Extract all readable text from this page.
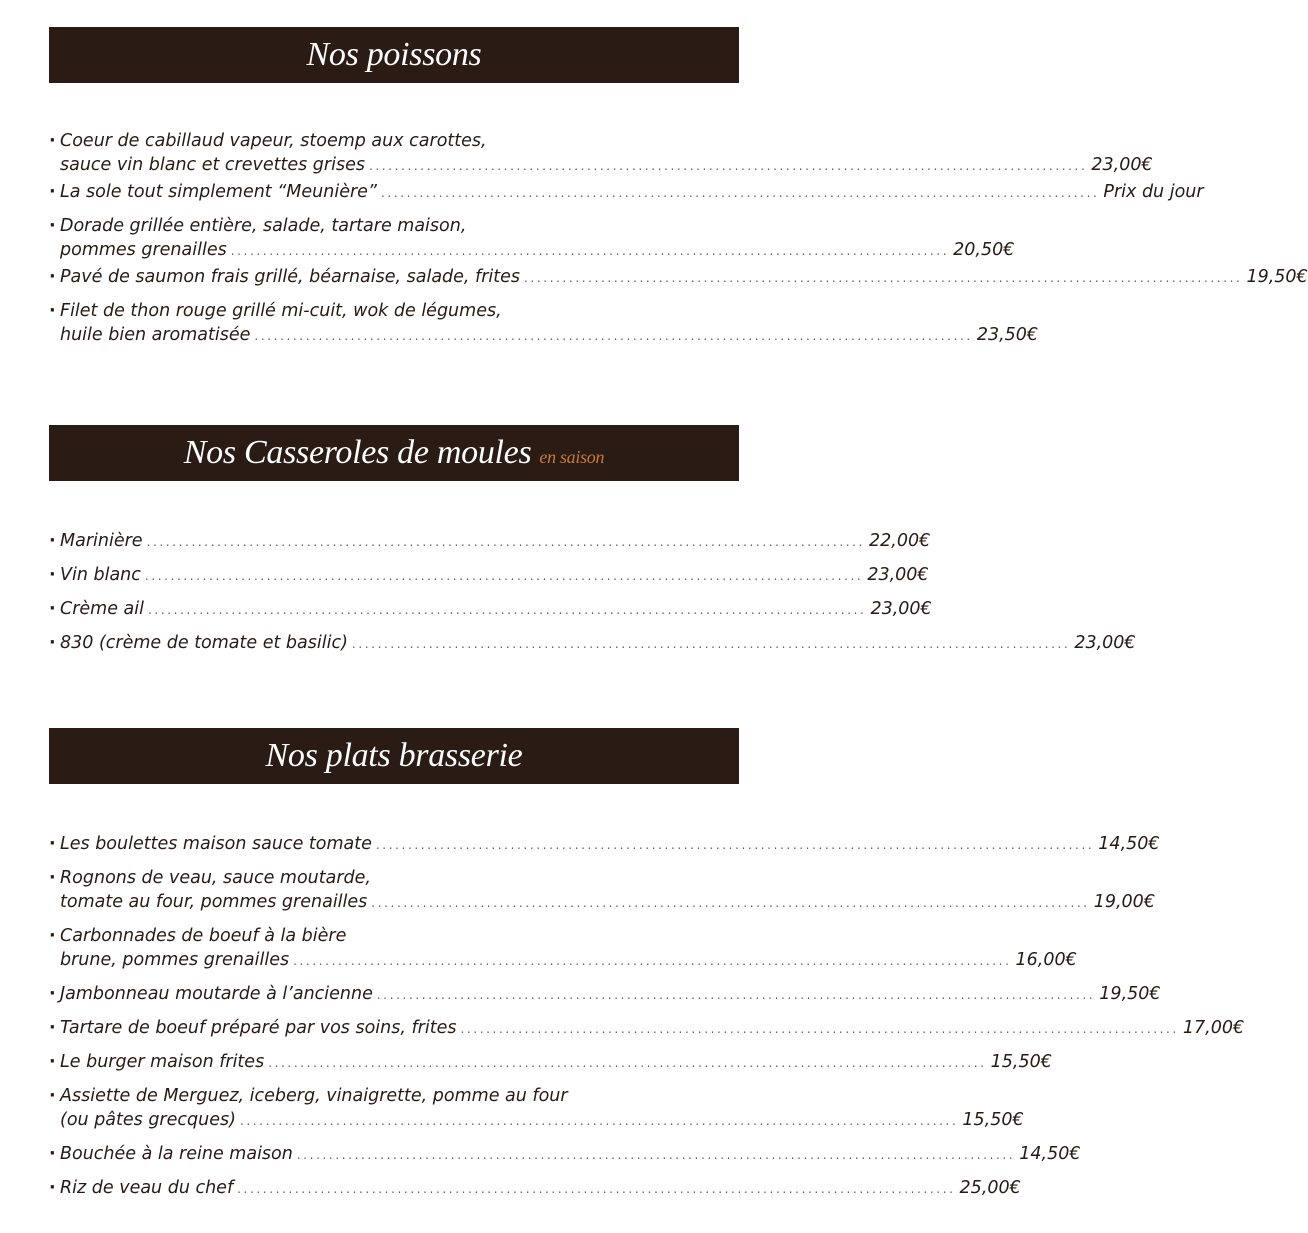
Nos poissons
· Coeur de cabillaud vapeur, stoemp aux carottes,
sauce vin blanc et crevettes grises ................................................................................................................ 23,00€
· La sole tout simplement “Meunière” ................................................................................................................ Prix du jour
· Dorade grillée entière, salade, tartare maison,
pommes grenailles ................................................................................................................ 20,50€
· Pavé de saumon frais grillé, béarnaise, salade, frites ................................................................................................................ 19,50€
· Filet de thon rouge grillé mi-cuit, wok de légumes,
huile bien aromatisée ................................................................................................................ 23,50€
Nos Casseroles de moules en saison
· Marinière ................................................................................................................ 22,00€
· Vin blanc ................................................................................................................ 23,00€
· Crème ail ................................................................................................................ 23,00€
· 830 (crème de tomate et basilic) ................................................................................................................ 23,00€
Nos plats brasserie
· Les boulettes maison sauce tomate ................................................................................................................ 14,50€
· Rognons de veau, sauce moutarde,
tomate au four, pommes grenailles ................................................................................................................ 19,00€
· Carbonnades de boeuf à la bière
brune, pommes grenailles ................................................................................................................ 16,00€
· Jambonneau moutarde à l’ancienne ................................................................................................................ 19,50€
· Tartare de boeuf préparé par vos soins, frites ................................................................................................................ 17,00€
· Le burger maison frites ................................................................................................................ 15,50€
· Assiette de Merguez, iceberg, vinaigrette, pomme au four
(ou pâtes grecques) ................................................................................................................ 15,50€
· Bouchée à la reine maison ................................................................................................................ 14,50€
· Riz de veau du chef ................................................................................................................ 25,00€
